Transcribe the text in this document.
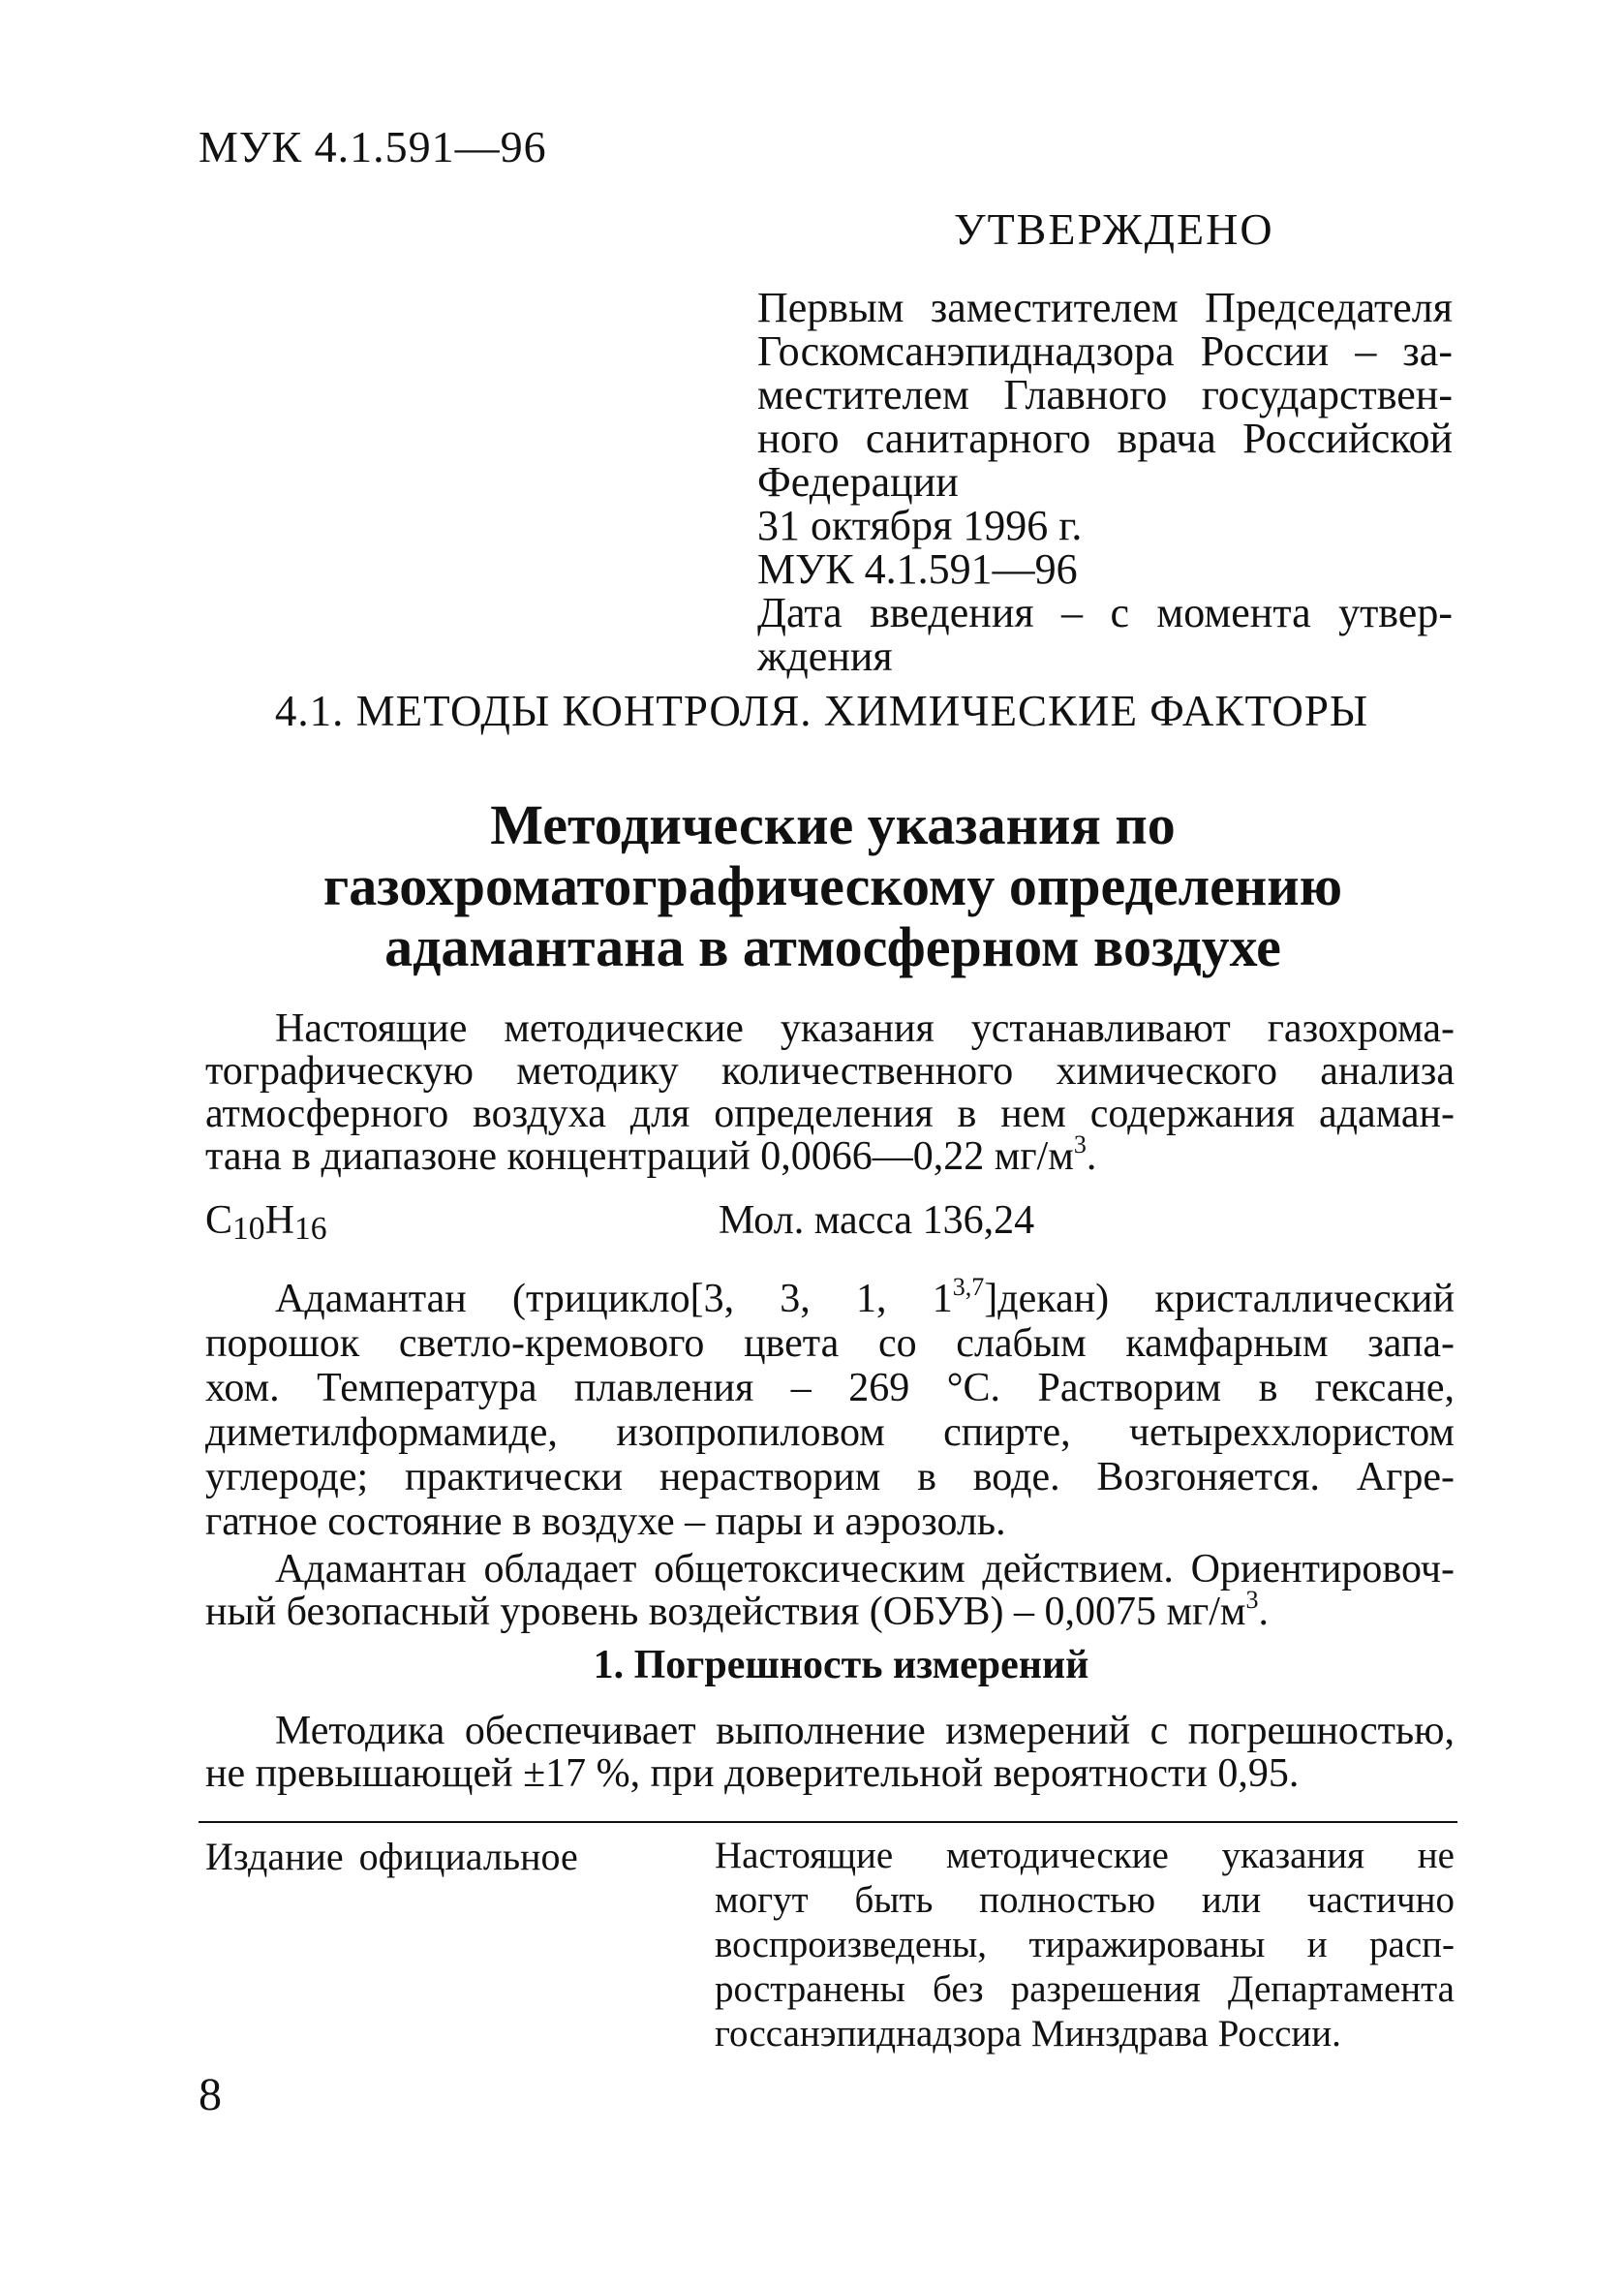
МУК 4.1.591—96
УТВЕРЖДЕНО
Первым заместителем Председателя
Госкомсанэпиднадзора России – за-
местителем Главного государствен-
ного санитарного врача Российской
Федерации
31 октября 1996 г.
МУК 4.1.591—96
Дата введения – с момента утвер-
ждения
4.1. МЕТОДЫ КОНТРОЛЯ. ХИМИЧЕСКИЕ ФАКТОРЫ
Методические указания по
газохроматографическому определению
адамантана в атмосферном воздухе
Настоящие методические указания устанавливают газохрома-
тографическую методику количественного химического анализа
атмосферного воздуха для определения в нем содержания адаман-
тана в диапазоне концентраций 0,0066—0,22 $мг/м^3$.
$C_{10}H_{16}$	Мол. масса 136,24
Адамантан (трицикло[3, 3, 1, 1$^{3,7}$]декан) кристаллический
порошок светло-кремового цвета со слабым камфарным запа-
хом. Температура плавления – 269 °С. Растворим в гексане,
диметилформамиде, изопропиловом спирте, четыреххлористом
углероде; практически нерастворим в воде. Возгоняется. Агре-
гатное состояние в воздухе – пары и аэрозоль.
Адамантан обладает общетоксическим действием. Ориентировоч-
ный безопасный уровень воздействия (ОБУВ) – 0,0075 $мг/м^3$.
1. Погрешность измерений
Методика обеспечивает выполнение измерений с погрешностью,
не превышающей ±17 %, при доверительной вероятности 0,95.
Издание официальное	Настоящие методические указания не
могут быть полностью или частично
воспроизведены, тиражированы и расп-
ространены без разрешения Департамента
госсанэпиднадзора Минздрава России.
8
